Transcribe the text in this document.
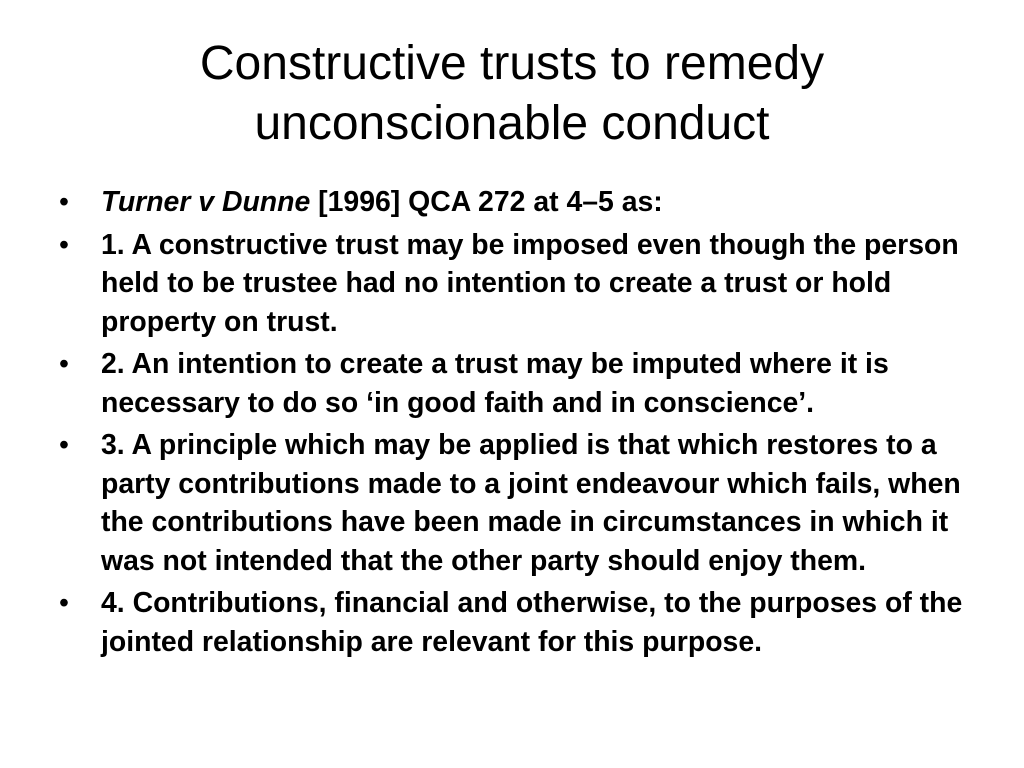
Constructive trusts to remedy
unconscionable conduct
• Turner v Dunne [1996] QCA 272 at 4–5 as:
• 1. A constructive trust may be imposed even though the person held to be trustee had no intention to create a trust or hold property on trust.
• 2. An intention to create a trust may be imputed where it is necessary to do so ‘in good faith and in conscience’.
• 3. A principle which may be applied is that which restores to a party contributions made to a joint endeavour which fails, when the contributions have been made in circumstances in which it was not intended that the other party should enjoy them.
• 4. Contributions, financial and otherwise, to the purposes of the jointed relationship are relevant for this purpose.
